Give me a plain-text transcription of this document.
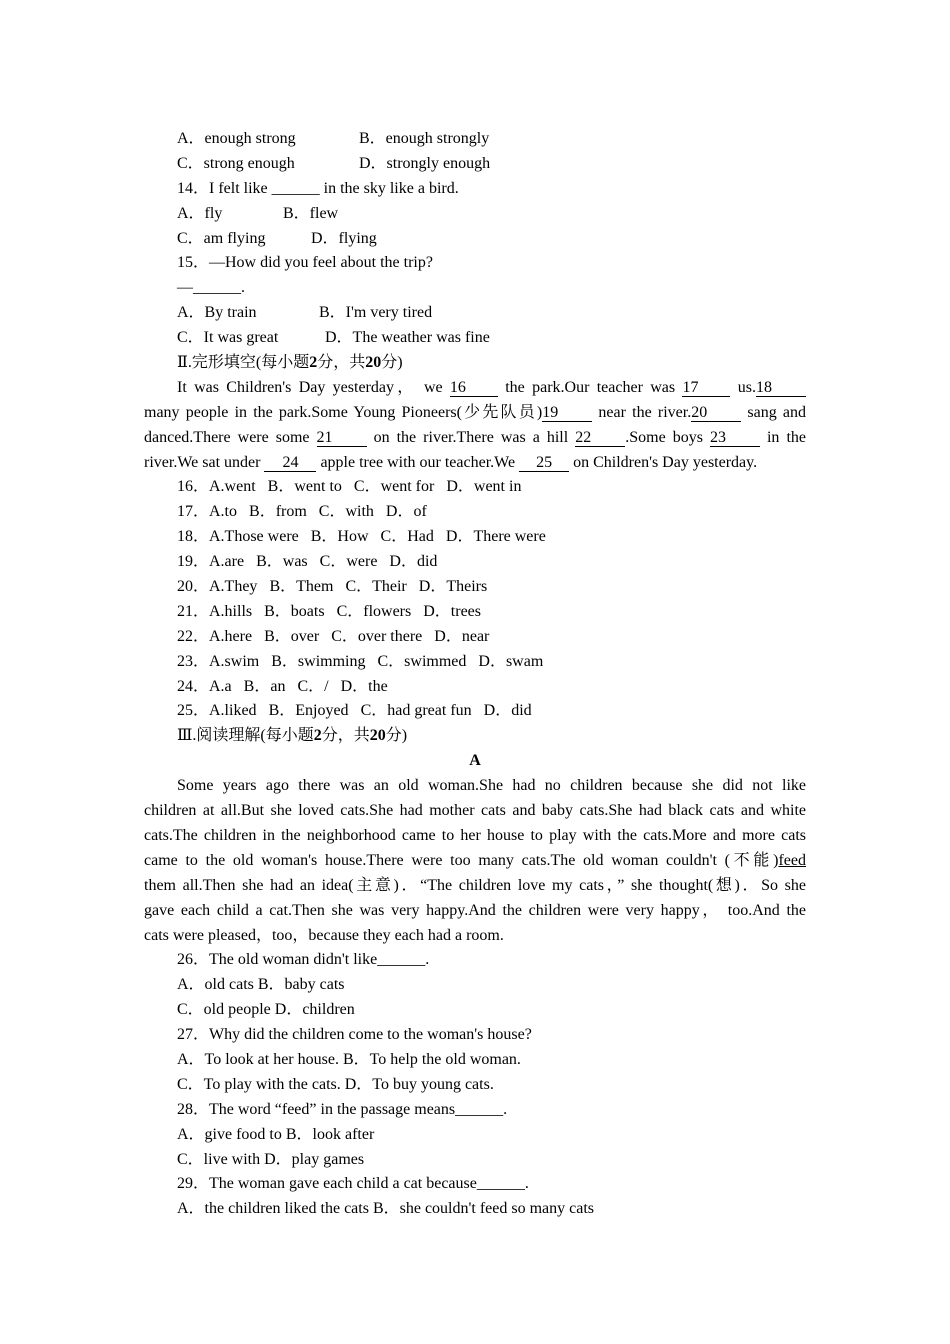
A．enough strong	B．enough strongly
C．strong enough	D．strongly enough
14．I felt like ______ in the sky like a bird.
A．fly	B．flew
C．am flying	D．flying
15．—How did you feel about the trip?
—______.
A．By train	B．I'm very tired
C．It was great	D．The weather was fine
Ⅱ.完形填空(每小题2分，共20分)
It was Children's Day yesterday， we 16 the park.Our teacher was 17 us.18
many people in the park.Some Young Pioneers(少先队员)19 near the river.20 sang and
danced.There were some 21 on the river.There was a hill 22 .Some boys 23 in the
river.We sat under 24 apple tree with our teacher.We 25 on Children's Day yesterday.
16．A.went B．went to C．went for D．went in
17．A.to B．from C．with D．of
18．A.Those were B．How C．Had D．There were
19．A.are B．was C．were D．did
20．A.They B．Them C．Their D．Theirs
21．A.hills B．boats C．flowers D．trees
22．A.here B．over C．over there D．near
23．A.swim B．swimming C．swimmed D．swam
24．A.a B．an C．/ D．the
25．A.liked B．Enjoyed C．had great fun D．did
Ⅲ.阅读理解(每小题2分，共20分)
A
Some years ago there was an old woman.She had no children because she did not like
children at all.But she loved cats.She had mother cats and baby cats.She had black cats and white
cats.The children in the neighborhood came to her house to play with the cats.More and more cats
came to the old woman's house.There were too many cats.The old woman couldn't (不能)feed
them all.Then she had an idea(主意)．“The children love my cats，” she thought(想)．So she
gave each child a cat.Then she was very happy.And the children were very happy， too.And the
cats were pleased，too，because they each had a room.
26．The old woman didn't like______.
A．old cats B．baby cats
C．old people D．children
27．Why did the children come to the woman's house?
A．To look at her house. B．To help the old woman.
C．To play with the cats. D．To buy young cats.
28．The word “feed” in the passage means______.
A．give food to B．look after
C．live with D．play games
29．The woman gave each child a cat because______.
A．the children liked the cats B．she couldn't feed so many cats
